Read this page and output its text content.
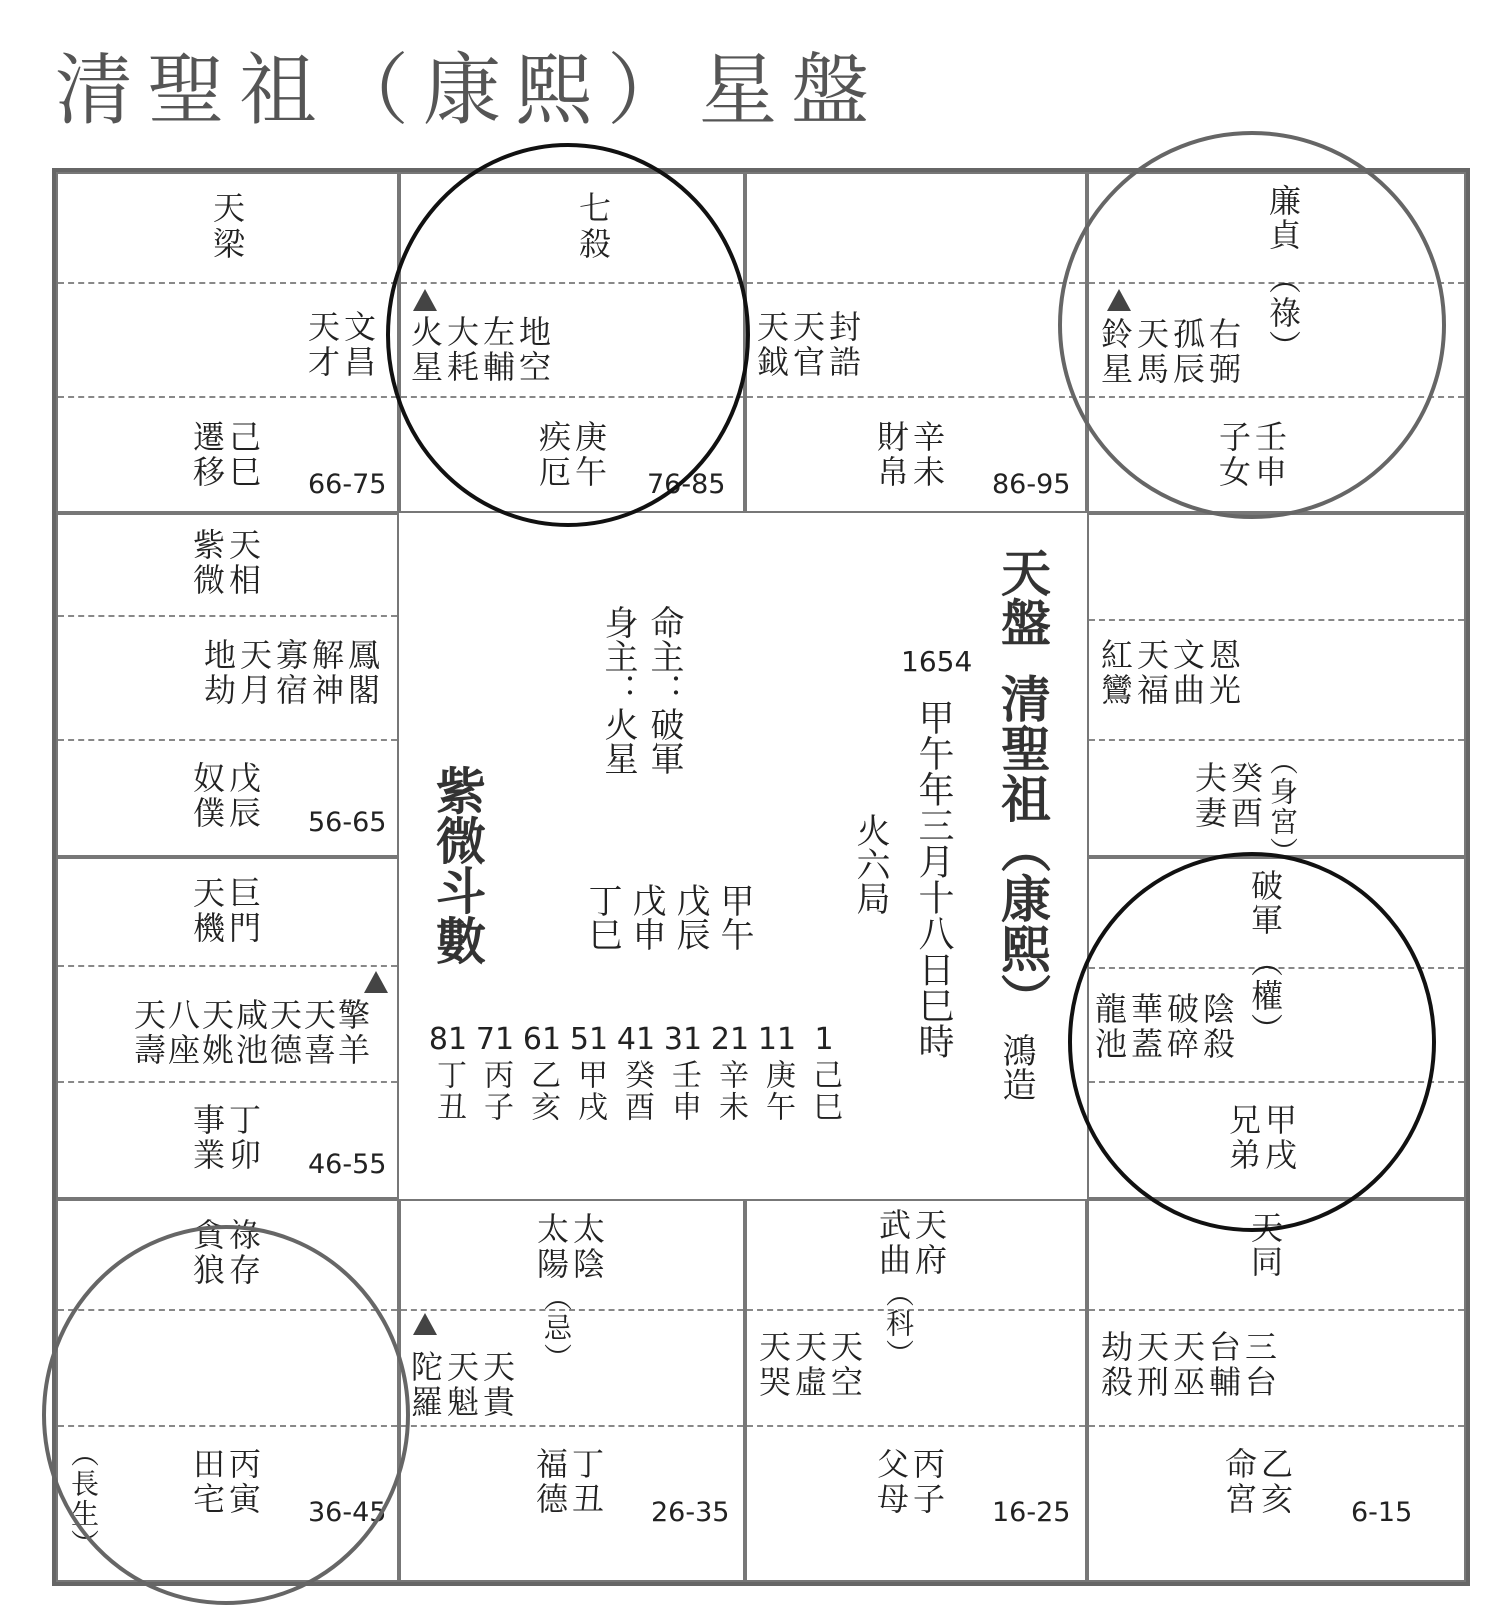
清聖祖（康熙）星盤
天梁
天文
才昌
遷己
移巳 66-75
七殺
火大左地
星耗輔空
疾庚
厄午 76-85
天天封
鉞官誥
財辛
帛未 86-95
廉貞
（祿）
鈴天孤右
星馬辰弼
子壬
女申
紫天
微相
地天寡解鳳
劫月宿神閣
奴戊
僕辰 56-65
紅天文恩
鸞福曲光
夫癸
妻酉
（身宮）
天巨
機門
天八天咸天天擎
壽座姚池德喜羊
事丁
業卯 46-55
破軍
（權）
龍華破陰
池蓋碎殺
兄甲
弟戌
貪祿
狼存
（長生）	田丙
宅寅 36-45
太太
陽陰
（忌）
陀天天
羅魁貴
福丁
德丑 26-35
武天
曲府
（科）
天天天
哭虛空
父丙
母子 16-25
天同
劫天天台三
殺刑巫輔台
命乙
宮亥 6-15
紫微斗數
身主：火星 命主：破軍
丁巳 戊申 戊辰 甲午
81
丁丑
71
丙子
61
乙亥
51
甲戌
41
癸酉
31
壬申
21
辛未
11
庚午
1
己巳
火六局
1654
甲午年三月十八日巳時
天盤
清聖祖（康熙）
鴻造
